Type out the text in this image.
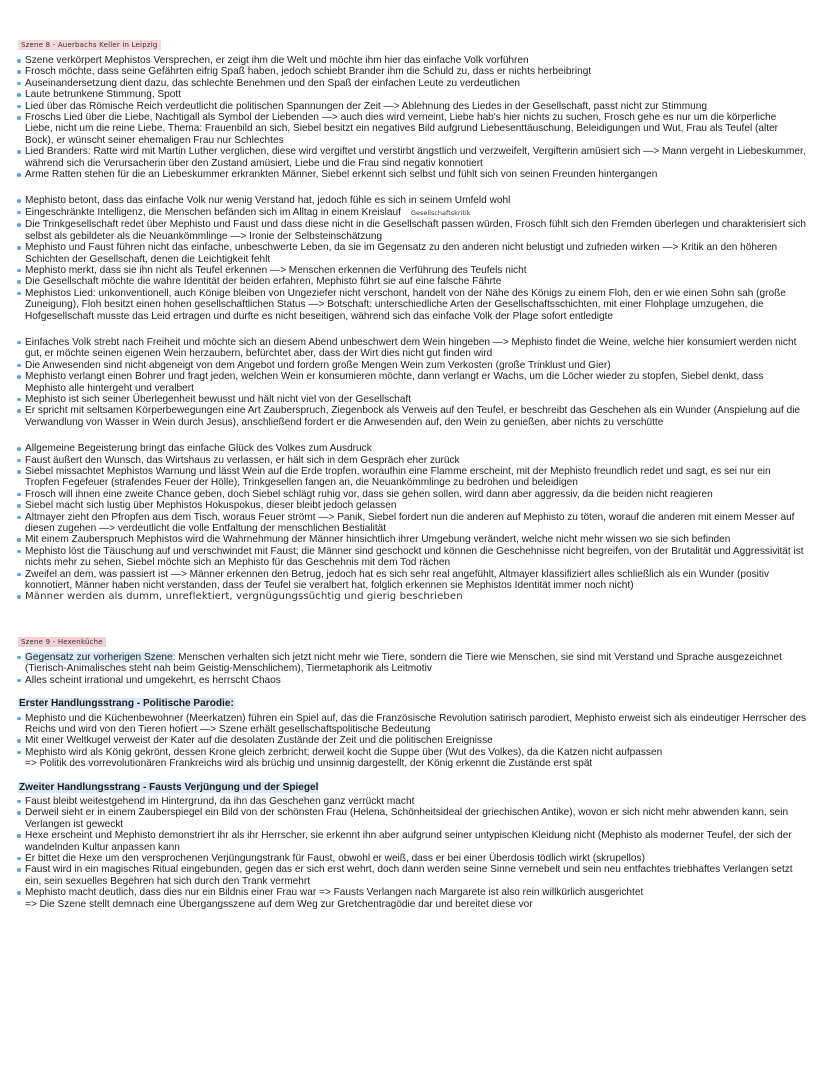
Szene 8 - Auerbachs Keller in Leipzig
Szene verkörpert Mephistos Versprechen, er zeigt ihm die Welt und möchte ihm hier das einfache Volk vorführen
Frosch möchte, dass seine Gefährten eifrig Spaß haben, jedoch schiebt Brander ihm die Schuld zu, dass er nichts herbeibringt
Auseinandersetzung dient dazu, das schlechte Benehmen und den Spaß der einfachen Leute zu verdeutlichen
Laute betrunkene Stimmung, Spott
Lied über das Römische Reich verdeutlicht die politischen Spannungen der Zeit —> Ablehnung des Liedes in der Gesellschaft, passt nicht zur Stimmung
Froschs Lied über die Liebe, Nachtigall als Symbol der Liebenden —> auch dies wird verneint, Liebe hab's hier nichts zu suchen, Frosch gehe es nur um die körperliche Liebe, nicht um die reine Liebe, Thema: Frauenbild an sich, Siebel besitzt ein negatives Bild aufgrund Liebesenttäuschung, Beleidigungen und Wut, Frau als Teufel (alter Bock), er wünscht seiner ehemaligen Frau nur Schlechtes
Lied Branders: Ratte wird mit Martin Luther verglichen, diese wird vergiftet und verstirbt ängstlich und verzweifelt, Vergifterin amüsiert sich —> Mann vergeht in Liebeskummer, während sich die Verursacherin über den Zustand amüsiert, Liebe und die Frau sind negativ konnotiert
Arme Ratten stehen für die an Liebeskummer erkrankten Männer, Siebel erkennt sich selbst und fühlt sich von seinen Freunden hintergangen
Mephisto betont, dass das einfache Volk nur wenig Verstand hat, jedoch fühle es sich in seinem Umfeld wohl
Eingeschränkte Intelligenz, die Menschen befänden sich im Alltag in einem Kreislauf Gesellschaftskritik
Die Trinkgesellschaft redet über Mephisto und Faust und dass diese nicht in die Gesellschaft passen würden, Frosch fühlt sich den Fremden überlegen und charakterisiert sich selbst als gebildeter als die Neuankömmlinge —> Ironie der Selbsteinschätzung
Mephisto und Faust führen nicht das einfache, unbeschwerte Leben, da sie im Gegensatz zu den anderen nicht belustigt und zufrieden wirken —> Kritik an den höheren Schichten der Gesellschaft, denen die Leichtigkeit fehlt
Mephisto merkt, dass sie ihn nicht als Teufel erkennen —> Menschen erkennen die Verführung des Teufels nicht
Die Gesellschaft möchte die wahre Identität der beiden erfahren, Mephisto führt sie auf eine falsche Fährte
Mephistos Lied: unkonventionell, auch Könige bleiben von Ungeziefer nicht verschont, handelt von der Nähe des Königs zu einem Floh, den er wie einen Sohn sah (große Zuneigung), Floh besitzt einen hohen gesellschaftlichen Status —> Botschaft: unterschiedliche Arten der Gesellschaftsschichten, mit einer Flohplage umzugehen, die Hofgesellschaft musste das Leid ertragen und durfte es nicht beseitigen, während sich das einfache Volk der Plage sofort entledigte
Einfaches Volk strebt nach Freiheit und möchte sich an diesem Abend unbeschwert dem Wein hingeben —> Mephisto findet die Weine, welche hier konsumiert werden nicht gut, er möchte seinen eigenen Wein herzaubern, befürchtet aber, dass der Wirt dies nicht gut finden wird
Die Anwesenden sind nicht abgeneigt von dem Angebot und fordern große Mengen Wein zum Verkosten (große Trinklust und Gier)
Mephisto verlangt einen Bohrer und fragt jeden, welchen Wein er konsumieren möchte, dann verlangt er Wachs, um die Löcher wieder zu stopfen, Siebel denkt, dass Mephisto alle hintergeht und veralbert
Mephisto ist sich seiner Überlegenheit bewusst und hält nicht viel von der Gesellschaft
Er spricht mit seltsamen Körperbewegungen eine Art Zauberspruch, Ziegenbock als Verweis auf den Teufel, er beschreibt das Geschehen als ein Wunder (Anspielung auf die Verwandlung von Wasser in Wein durch Jesus), anschließend fordert er die Anwesenden auf, den Wein zu genießen, aber nichts zu verschütte
Allgemeine Begeisterung bringt das einfache Glück des Volkes zum Ausdruck
Faust äußert den Wunsch, das Wirtshaus zu verlassen, er hält sich in dem Gespräch eher zurück
Siebel missachtet Mephistos Warnung und lässt Wein auf die Erde tropfen, woraufhin eine Flamme erscheint, mit der Mephisto freundlich redet und sagt, es sei nur ein Tropfen Fegefeuer (strafendes Feuer der Hölle), Trinkgesellen fangen an, die Neuankömmlinge zu bedrohen und beleidigen
Frosch will ihnen eine zweite Chance geben, doch Siebel schlägt ruhig vor, dass sie gehen sollen, wird dann aber aggressiv, da die beiden nicht reagieren
Siebel macht sich lustig über Mephistos Hokuspokus, dieser bleibt jedoch gelassen
Altmayer zieht den Pfropfen aus dem Tisch, woraus Feuer strömt —> Panik, Siebel fordert nun die anderen auf Mephisto zu töten, worauf die anderen mit einem Messer auf diesen zugehen —> verdeutlicht die volle Entfaltung der menschlichen Bestialität
Mit einem Zauberspruch Mephistos wird die Wahrnehmung der Männer hinsichtlich ihrer Umgebung verändert, welche nicht mehr wissen wo sie sich befinden
Mephisto löst die Täuschung auf und verschwindet mit Faust; die Männer sind geschockt und können die Geschehnisse nicht begreifen, von der Brutalität und Aggressivität ist nichts mehr zu sehen, Siebel möchte sich an Mephisto für das Geschehnis mit dem Tod rächen
Zweifel an dem, was passiert ist —> Männer erkennen den Betrug, jedoch hat es sich sehr real angefühlt, Altmayer klassifiziert alles schließlich als ein Wunder (positiv konnotiert, Männer haben nicht verstanden, dass der Teufel sie veralbert hat, folglich erkennen sie Mephistos Identität immer noch nicht)
Männer werden als dumm, unreflektiert, vergnügungssüchtig und gierig beschrieben
Szene 9 - Hexenküche
Gegensatz zur vorherigen Szene: Menschen verhalten sich jetzt nicht mehr wie Tiere, sondern die Tiere wie Menschen, sie sind mit Verstand und Sprache ausgezeichnet (Tierisch-Animalisches steht nah beim Geistig-Menschlichem), Tiermetaphorik als Leitmotiv
Alles scheint irrational und umgekehrt, es herrscht Chaos
Erster Handlungsstrang - Politische Parodie:
Mephisto und die Küchenbewohner (Meerkatzen) führen ein Spiel auf, das die Französische Revolution satirisch parodiert, Mephisto erweist sich als eindeutiger Herrscher des Reichs und wird von den Tieren hofiert —> Szene erhält gesellschaftspolitische Bedeutung
Mit einer Weltkugel verweist der Kater auf die desolaten Zustände der Zeit und die politischen Ereignisse
Mephisto wird als König gekrönt, dessen Krone gleich zerbricht; derweil kocht die Suppe über (Wut des Volkes), da die Katzen nicht aufpassen
=> Politik des vorrevolutionären Frankreichs wird als brüchig und unsinnig dargestellt, der König erkennt die Zustände erst spät
Zweiter Handlungsstrang - Fausts Verjüngung und der Spiegel
Faust bleibt weitestgehend im Hintergrund, da ihn das Geschehen ganz verrückt macht
Derweil sieht er in einem Zauberspiegel ein Bild von der schönsten Frau (Helena, Schönheitsideal der griechischen Antike), wovon er sich nicht mehr abwenden kann, sein Verlangen ist geweckt
Hexe erscheint und Mephisto demonstriert ihr als ihr Herrscher, sie erkennt ihn aber aufgrund seiner untypischen Kleidung nicht (Mephisto als moderner Teufel, der sich der wandelnden Kultur anpassen kann
Er bittet die Hexe um den versprochenen Verjüngungstrank für Faust, obwohl er weiß, dass er bei einer Überdosis tödlich wirkt (skrupellos)
Faust wird in ein magisches Ritual eingebunden, gegen das er sich erst wehrt, doch dann werden seine Sinne vernebelt und sein neu entfachtes triebhaftes Verlangen setzt ein, sein sexuelles Begehren hat sich durch den Trank vermehrt
Mephisto macht deutlich, dass dies nur ein Bildnis einer Frau war => Fausts Verlangen nach Margarete ist also rein willkürlich ausgerichtet
=> Die Szene stellt demnach eine Übergangsszene auf dem Weg zur Gretchentragödie dar und bereitet diese vor
